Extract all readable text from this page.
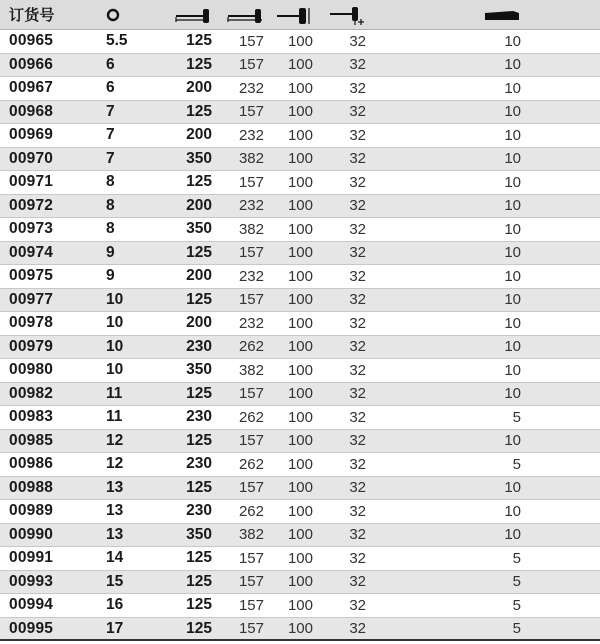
订货号
00965	5.5	125	157	100	32	10
00966	6	125	157	100	32	10
00967	6	200	232	100	32	10
00968	7	125	157	100	32	10
00969	7	200	232	100	32	10
00970	7	350	382	100	32	10
00971	8	125	157	100	32	10
00972	8	200	232	100	32	10
00973	8	350	382	100	32	10
00974	9	125	157	100	32	10
00975	9	200	232	100	32	10
00977	10	125	157	100	32	10
00978	10	200	232	100	32	10
00979	10	230	262	100	32	10
00980	10	350	382	100	32	10
00982	11	125	157	100	32	10
00983	11	230	262	100	32	5
00985	12	125	157	100	32	10
00986	12	230	262	100	32	5
00988	13	125	157	100	32	10
00989	13	230	262	100	32	10
00990	13	350	382	100	32	10
00991	14	125	157	100	32	5
00993	15	125	157	100	32	5
00994	16	125	157	100	32	5
00995	17	125	157	100	32	5
